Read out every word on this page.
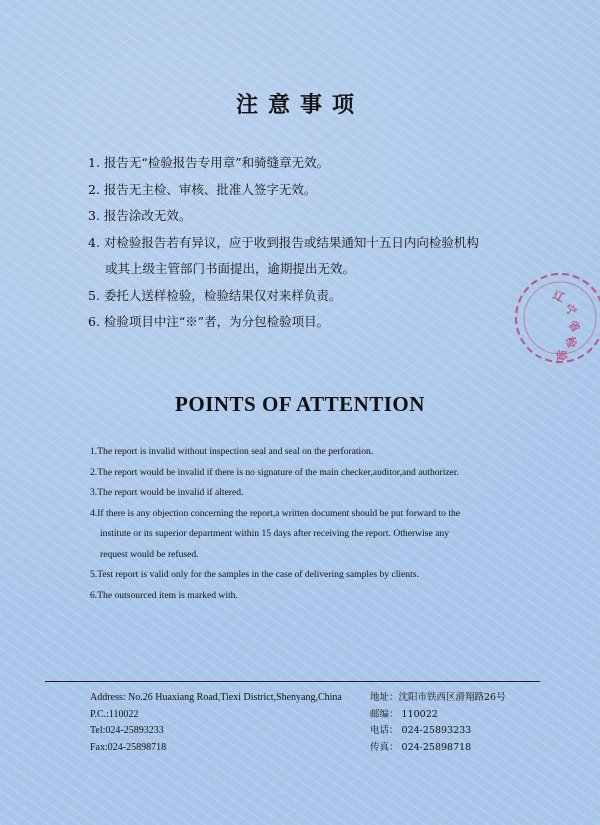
注意事项
1. 报告无“检验报告专用章”和骑缝章无效。
2. 报告无主检、审核、批准人签字无效。
3. 报告涂改无效。
4. 对检验报告若有异议，应于收到报告或结果通知十五日内向检验机构
或其上级主管部门书面提出，逾期提出无效。
5. 委托人送样检验，检验结果仅对来样负责。
6. 检验项目中注“※”者，为分包检验项目。
辽
宁
省
检
验
POINTS OF ATTENTION
1.The report is invalid without inspection seal and seal on the perforation.
2.The report would be invalid if there is no signature of the main checker,auditor,and authorizer.
3.The report would be invalid if altered.
4.If there is any objection concerning the report,a written document should be put forward to the
institute or its superior department within 15 days after receiving the report. Otherwise any
request would be refused.
5.Test report is valid only for the samples in the case of delivering samples by clients.
6.The outsourced item is marked with.
Address: No.26 Huaxiang Road,Tiexi District,Shenyang,China
P.C.:110022
Tel:024-25893233
Fax:024-25898718
地址：沈阳市铁西区滑翔路26号
邮编： 110022
电话： 024-25893233
传真： 024-25898718
